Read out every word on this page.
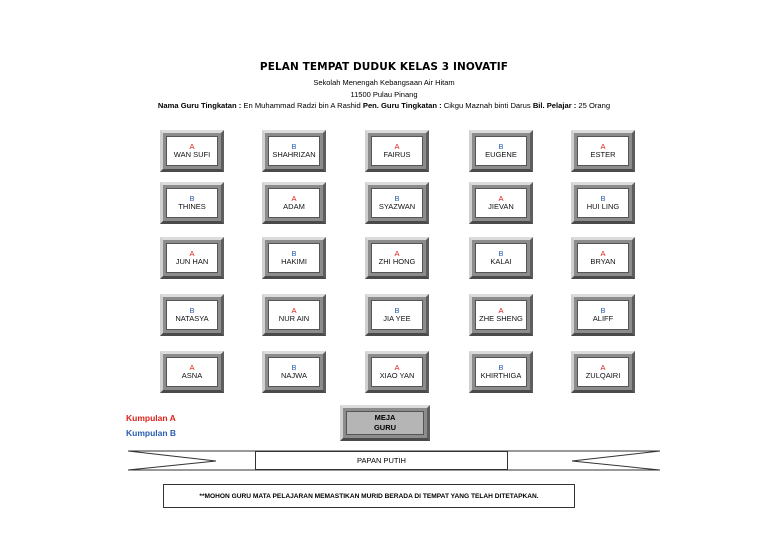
PELAN TEMPAT DUDUK KELAS 3 INOVATIF
Sekolah Menengah Kebangsaan Air Hitam
11500 Pulau Pinang
Nama Guru Tingkatan : En Muhammad Radzi bin A Rashid Pen. Guru Tingkatan : Cikgu Maznah binti Darus Bil. Pelajar : 25 Orang
A
WAN SUFI
B
SHAHRIZAN
A
FAIRUS
B
EUGENE
A
ESTER
B
THINES
A
ADAM
B
SYAZWAN
A
JIEVAN
B
HUI LING
A
JUN HAN
B
HAKIMI
A
ZHI HONG
B
KALAI
A
BRYAN
B
NATASYA
A
NUR AIN
B
JIA YEE
A
ZHE SHENG
B
ALIFF
A
ASNA
B
NAJWA
A
XIAO YAN
B
KHIRTHIGA
A
ZULQAIRI
Kumpulan A
Kumpulan B
MEJA
GURU
PAPAN PUTIH
**MOHON GURU MATA PELAJARAN MEMASTIKAN MURID BERADA DI TEMPAT YANG TELAH DITETAPKAN.
